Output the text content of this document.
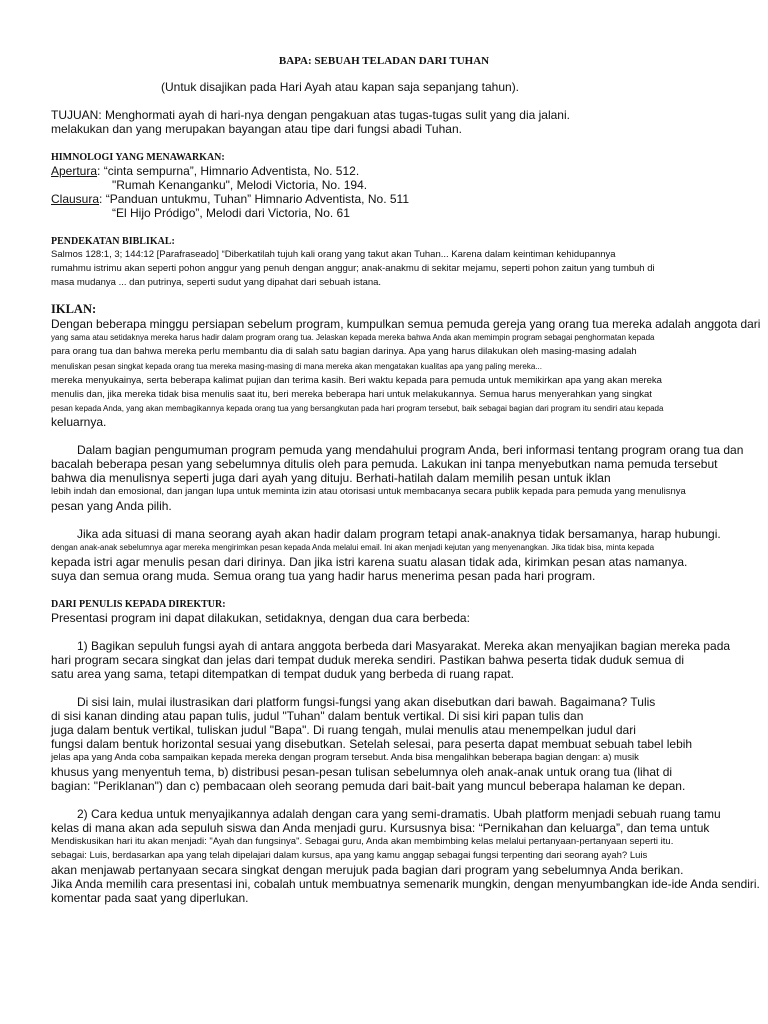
BAPA: SEBUAH TELADAN DARI TUHAN
(Untuk disajikan pada Hari Ayah atau kapan saja sepanjang tahun).
TUJUAN: Menghormati ayah di hari-nya dengan pengakuan atas tugas-tugas sulit yang dia jalani.
melakukan dan yang merupakan bayangan atau tipe dari fungsi abadi Tuhan.
HIMNOLOGI YANG MENAWARKAN:
Apertura: “cinta sempurna”, Himnario Adventista, No. 512.
"Rumah Kenanganku", Melodi Victoria, No. 194.
Clausura: “Panduan untukmu, Tuhan” Himnario Adventista, No. 511
“El Hijo Pródigo”, Melodi dari Victoria, No. 61
PENDEKATAN BIBLIKAL:
Salmos 128:1, 3; 144:12 [Parafraseado] “Diberkatilah tujuh kali orang yang takut akan Tuhan... Karena dalam keintiman kehidupannya
rumahmu istrimu akan seperti pohon anggur yang penuh dengan anggur; anak-anakmu di sekitar mejamu, seperti pohon zaitun yang tumbuh di
masa mudanya ... dan putrinya, seperti sudut yang dipahat dari sebuah istana.
IKLAN:
Dengan beberapa minggu persiapan sebelum program, kumpulkan semua pemuda gereja yang orang tua mereka adalah anggota dari
yang sama atau setidaknya mereka harus hadir dalam program orang tua. Jelaskan kepada mereka bahwa Anda akan memimpin program sebagai penghormatan kepada
para orang tua dan bahwa mereka perlu membantu dia di salah satu bagian darinya. Apa yang harus dilakukan oleh masing-masing adalah
menuliskan pesan singkat kepada orang tua mereka masing-masing di mana mereka akan mengatakan kualitas apa yang paling mereka...
mereka menyukainya, serta beberapa kalimat pujian dan terima kasih. Beri waktu kepada para pemuda untuk memikirkan apa yang akan mereka
menulis dan, jika mereka tidak bisa menulis saat itu, beri mereka beberapa hari untuk melakukannya. Semua harus menyerahkan yang singkat
pesan kepada Anda, yang akan membagikannya kepada orang tua yang bersangkutan pada hari program tersebut, baik sebagai bagian dari program itu sendiri atau kepada
keluarnya.
Dalam bagian pengumuman program pemuda yang mendahului program Anda, beri informasi tentang program orang tua dan
bacalah beberapa pesan yang sebelumnya ditulis oleh para pemuda. Lakukan ini tanpa menyebutkan nama pemuda tersebut
bahwa dia menulisnya seperti juga dari ayah yang dituju. Berhati-hatilah dalam memilih pesan untuk iklan
lebih indah dan emosional, dan jangan lupa untuk meminta izin atau otorisasi untuk membacanya secara publik kepada para pemuda yang menulisnya
pesan yang Anda pilih.
Jika ada situasi di mana seorang ayah akan hadir dalam program tetapi anak-anaknya tidak bersamanya, harap hubungi.
dengan anak-anak sebelumnya agar mereka mengirimkan pesan kepada Anda melalui email. Ini akan menjadi kejutan yang menyenangkan. Jika tidak bisa, minta kepada
kepada istri agar menulis pesan dari dirinya. Dan jika istri karena suatu alasan tidak ada, kirimkan pesan atas namanya.
suya dan semua orang muda. Semua orang tua yang hadir harus menerima pesan pada hari program.
DARI PENULIS KEPADA DIREKTUR:
Presentasi program ini dapat dilakukan, setidaknya, dengan dua cara berbeda:
1) Bagikan sepuluh fungsi ayah di antara anggota berbeda dari Masyarakat. Mereka akan menyajikan bagian mereka pada
hari program secara singkat dan jelas dari tempat duduk mereka sendiri. Pastikan bahwa peserta tidak duduk semua di
satu area yang sama, tetapi ditempatkan di tempat duduk yang berbeda di ruang rapat.
Di sisi lain, mulai ilustrasikan dari platform fungsi-fungsi yang akan disebutkan dari bawah. Bagaimana? Tulis
di sisi kanan dinding atau papan tulis, judul "Tuhan" dalam bentuk vertikal. Di sisi kiri papan tulis dan
juga dalam bentuk vertikal, tuliskan judul "Bapa". Di ruang tengah, mulai menulis atau menempelkan judul dari
fungsi dalam bentuk horizontal sesuai yang disebutkan. Setelah selesai, para peserta dapat membuat sebuah tabel lebih
jelas apa yang Anda coba sampaikan kepada mereka dengan program tersebut. Anda bisa mengalihkan beberapa bagian dengan: a) musik
khusus yang menyentuh tema, b) distribusi pesan-pesan tulisan sebelumnya oleh anak-anak untuk orang tua (lihat di
bagian: "Periklanan") dan c) pembacaan oleh seorang pemuda dari bait-bait yang muncul beberapa halaman ke depan.
2) Cara kedua untuk menyajikannya adalah dengan cara yang semi-dramatis. Ubah platform menjadi sebuah ruang tamu
kelas di mana akan ada sepuluh siswa dan Anda menjadi guru. Kursusnya bisa: “Pernikahan dan keluarga”, dan tema untuk
Mendiskusikan hari itu akan menjadi: "Ayah dan fungsinya". Sebagai guru, Anda akan membimbing kelas melalui pertanyaan-pertanyaan seperti itu.
sebagai: Luis, berdasarkan apa yang telah dipelajari dalam kursus, apa yang kamu anggap sebagai fungsi terpenting dari seorang ayah? Luis
akan menjawab pertanyaan secara singkat dengan merujuk pada bagian dari program yang sebelumnya Anda berikan.
Jika Anda memilih cara presentasi ini, cobalah untuk membuatnya semenarik mungkin, dengan menyumbangkan ide-ide Anda sendiri.
komentar pada saat yang diperlukan.
